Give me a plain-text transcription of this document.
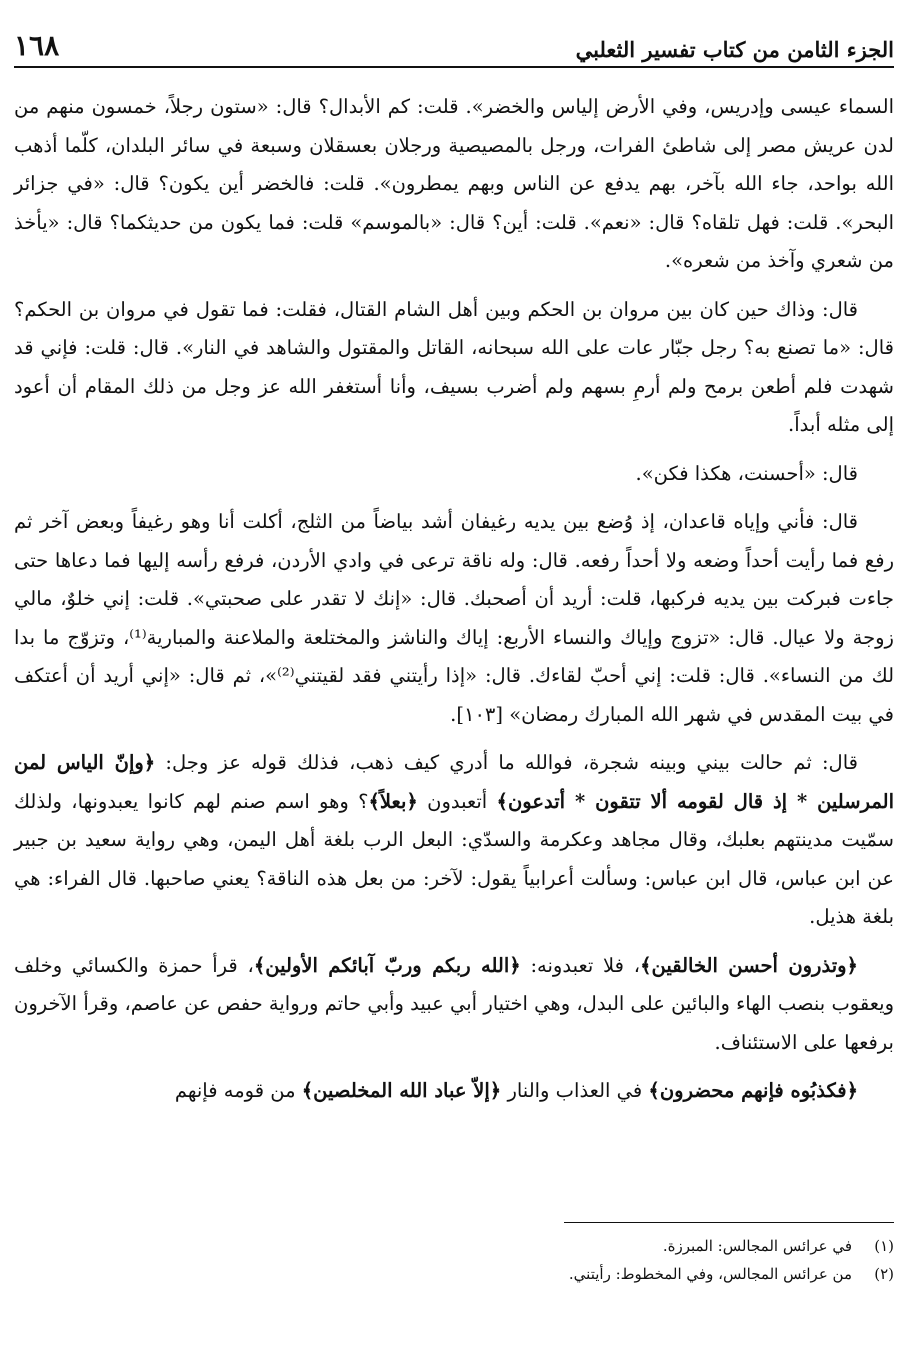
الجزء الثامن من كتاب تفسير الثعلبي
١٦٨

السماء عيسى وإدريس، وفي الأرض إلياس والخضر». قلت: كم الأبدال؟ قال: «ستون رجلاً، خمسون منهم من لدن عريش مصر إلى شاطئ الفرات، ورجل بالمصيصية ورجلان بعسقلان وسبعة في سائر البلدان، كلّما أذهب الله بواحد، جاء الله بآخر، بهم يدفع عن الناس وبهم يمطرون». قلت: فالخضر أين يكون؟ قال: «في جزائر البحر». قلت: فهل تلقاه؟ قال: «نعم». قلت: أين؟ قال: «بالموسم» قلت: فما يكون من حديثكما؟ قال: «يأخذ من شعري وآخذ من شعره».

قال: وذاك حين كان بين مروان بن الحكم وبين أهل الشام القتال، فقلت: فما تقول في مروان بن الحكم؟ قال: «ما تصنع به؟ رجل جبّار عات على الله سبحانه، القاتل والمقتول والشاهد في النار». قال: قلت: فإني قد شهدت فلم أطعن برمح ولم أرمِ بسهم ولم أضرب بسيف، وأنا أستغفر الله عز وجل من ذلك المقام أن أعود إلى مثله أبداً.

قال: «أحسنت، هكذا فكن».

قال: فأني وإياه قاعدان، إذ وُضع بين يديه رغيفان أشد بياضاً من الثلج، أكلت أنا وهو رغيفاً وبعض آخر ثم رفع فما رأيت أحداً وضعه ولا أحداً رفعه. قال: وله ناقة ترعى في وادي الأردن، فرفع رأسه إليها فما دعاها حتى جاءت فبركت بين يديه فركبها، قلت: أريد أن أصحبك. قال: «إنك لا تقدر على صحبتي». قلت: إني خلوٌ، مالي زوجة ولا عيال. قال: «تزوج وإياك والنساء الأربع: إياك والناشز والمختلعة والملاعنة والمبارية⁽¹⁾، وتزوّج ما بدا لك من النساء». قال: قلت: إني أحبّ لقاءك. قال: «إذا رأيتني فقد لقيتني⁽²⁾»، ثم قال: «إني أريد أن أعتكف في بيت المقدس في شهر الله المبارك رمضان» [١٠٣].

قال: ثم حالت بيني وبينه شجرة، فوالله ما أدري كيف ذهب، فذلك قوله عز وجل: ﴿وإنّ الياس لمن المرسلين * إذ قال لقومه ألا تتقون * أتدعون﴾ أتعبدون ﴿بعلاً﴾؟ وهو اسم صنم لهم كانوا يعبدونها، ولذلك سمّيت مدينتهم بعلبك، وقال مجاهد وعكرمة والسدّي: البعل الرب بلغة أهل اليمن، وهي رواية سعيد بن جبير عن ابن عباس، قال ابن عباس: وسألت أعرابياً يقول: لآخر: من بعل هذه الناقة؟ يعني صاحبها. قال الفراء: هي بلغة هذيل.

﴿وتذرون أحسن الخالقين﴾، فلا تعبدونه: ﴿الله ربكم وربّ آبائكم الأولين﴾، قرأ حمزة والكسائي وخلف ويعقوب بنصب الهاء والبائين على البدل، وهي اختيار أبي عبيد وأبي حاتم ورواية حفص عن عاصم، وقرأ الآخرون برفعها على الاستئناف.

﴿فكذبُوه فإنهم محضرون﴾ في العذاب والنار ﴿إلاّ عباد الله المخلصين﴾ من قومه فإنهم

(١)
في عرائس المجالس: المبرزة.
(٢)
من عرائس المجالس، وفي المخطوط: رأيتني.
